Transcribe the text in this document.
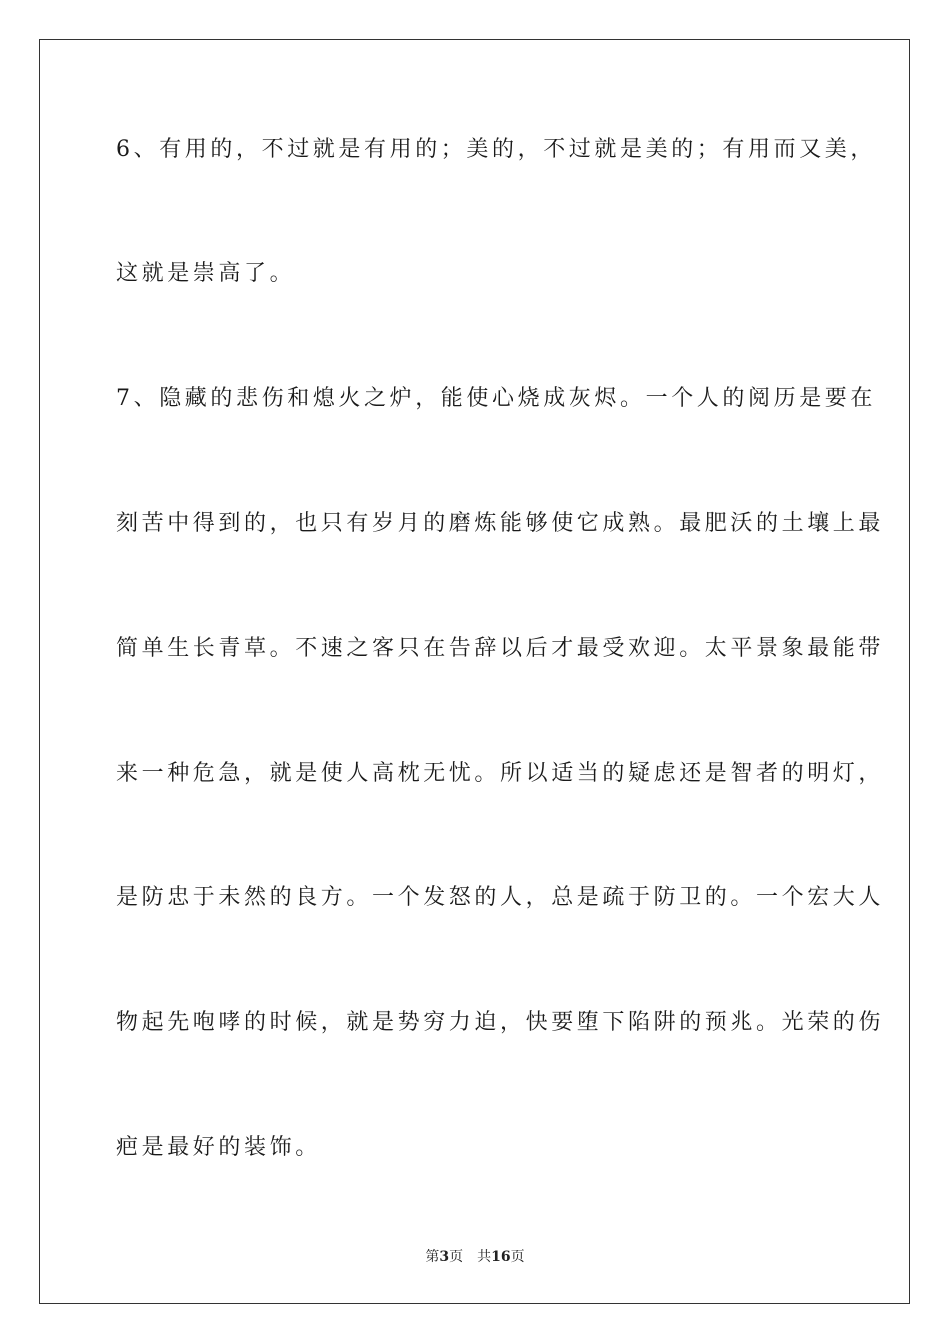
6、有用的，不过就是有用的；美的，不过就是美的；有用而又美，

这就是崇高了。

7、隐藏的悲伤和熄火之炉，能使心烧成灰烬。一个人的阅历是要在

刻苦中得到的，也只有岁月的磨炼能够使它成熟。最肥沃的土壤上最

简单生长青草。不速之客只在告辞以后才最受欢迎。太平景象最能带

来一种危急，就是使人高枕无忧。所以适当的疑虑还是智者的明灯，

是防忠于未然的良方。一个发怒的人，总是疏于防卫的。一个宏大人

物起先咆哮的时候，就是势穷力迫，快要堕下陷阱的预兆。光荣的伤

疤是最好的装饰。

第3页 共16页
